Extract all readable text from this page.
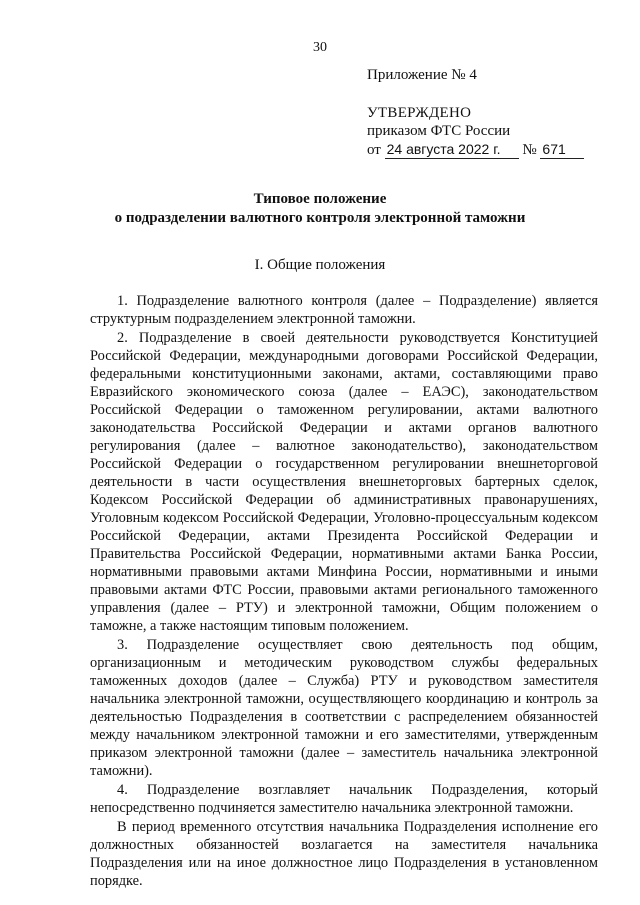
30
Приложение № 4
УТВЕРЖДЕНО
приказом ФТС России
от 24 августа 2022 г. № 671
Типовое положение
о подразделении валютного контроля электронной таможни
I. Общие положения

1. Подразделение валютного контроля (далее – Подразделение) является структурным подразделением электронной таможни.

2. Подразделение в своей деятельности руководствуется Конституцией Российской Федерации, международными договорами Российской Федерации, федеральными конституционными законами, актами, составляющими право Евразийского экономического союза (далее – ЕАЭС), законодательством Российской Федерации о таможенном регулировании, актами валютного законодательства Российской Федерации и актами органов валютного регулирования (далее – валютное законодательство), законодательством Российской Федерации о государственном регулировании внешнеторговой деятельности в части осуществления внешнеторговых бартерных сделок, Кодексом Российской Федерации об административных правонарушениях, Уголовным кодексом Российской Федерации, Уголовно-процессуальным кодексом Российской Федерации, актами Президента Российской Федерации и Правительства Российской Федерации, нормативными актами Банка России, нормативными правовыми актами Минфина России, нормативными и иными правовыми актами ФТС России, правовыми актами регионального таможенного управления (далее – РТУ) и электронной таможни, Общим положением о таможне, а также настоящим типовым положением.

3. Подразделение осуществляет свою деятельность под общим, организационным и методическим руководством службы федеральных таможенных доходов (далее – Служба) РТУ и руководством заместителя начальника электронной таможни, осуществляющего координацию и контроль за деятельностью Подразделения в соответствии с распределением обязанностей между начальником электронной таможни и его заместителями, утвержденным приказом электронной таможни (далее – заместитель начальника электронной таможни).

4. Подразделение возглавляет начальник Подразделения, который непосредственно подчиняется заместителю начальника электронной таможни.

В период временного отсутствия начальника Подразделения исполнение его должностных обязанностей возлагается на заместителя начальника Подразделения или на иное должностное лицо Подразделения в установленном порядке.
